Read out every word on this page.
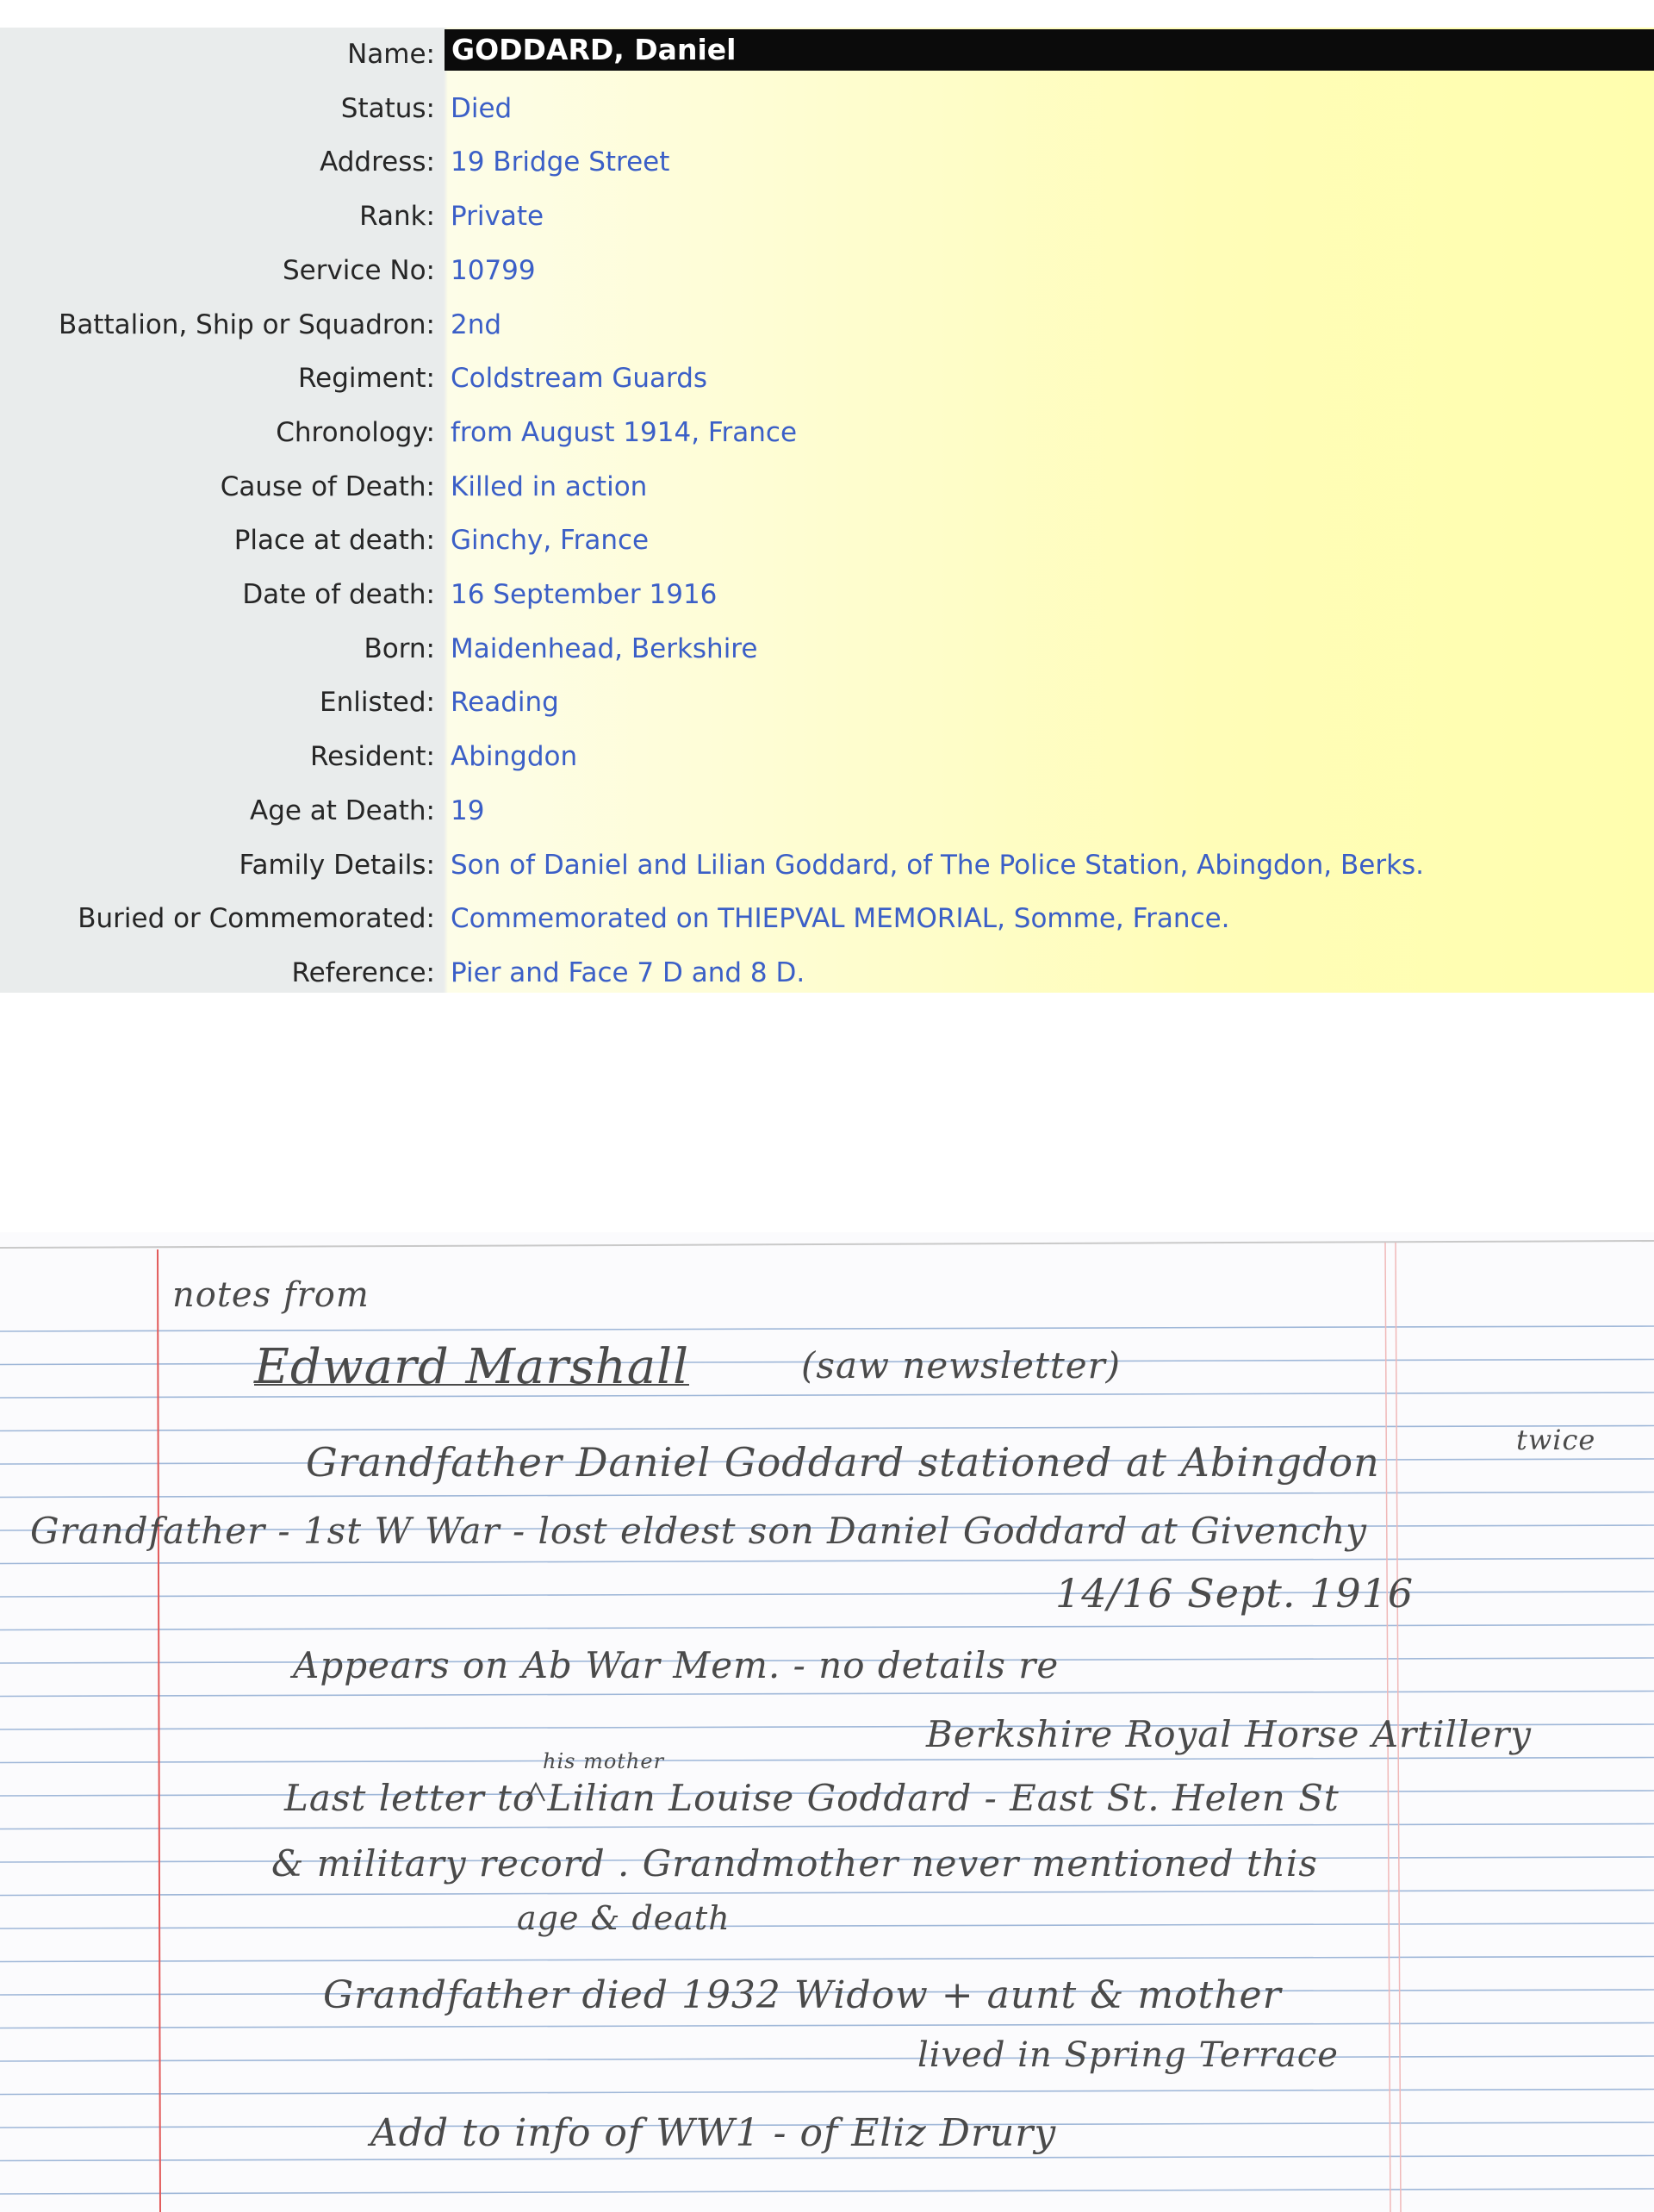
Name: GODDARD, Daniel
Status: Died
Address: 19 Bridge Street
Rank: Private
Service No: 10799
Battalion, Ship or Squadron: 2nd
Regiment: Coldstream Guards
Chronology: from August 1914, France
Cause of Death: Killed in action
Place at death: Ginchy, France
Date of death: 16 September 1916
Born: Maidenhead, Berkshire
Enlisted: Reading
Resident: Abingdon
Age at Death: 19
Family Details: Son of Daniel and Lilian Goddard, of The Police Station, Abingdon, Berks.
Buried or Commemorated: Commemorated on THIEPVAL MEMORIAL, Somme, France.
Reference: Pier and Face 7 D and 8 D.
notes from
Edward Marshall	(saw newsletter)
Grandfather Daniel Goddard stationed at Abingdon	twice
Grandfather - 1st W War - lost eldest son Daniel Goddard at Givenchy
14/16 Sept. 1916
Appears on Ab War Mem. - no details re
Berkshire Royal Horse Artillery
his mother
Last letter to Lilian Louise Goddard - East St. Helen St
& military record . Grandmother never mentioned this
age & death
Grandfather died 1932 Widow + aunt & mother
lived in Spring Terrace
Add to info of WW1 - of Eliz Drury
